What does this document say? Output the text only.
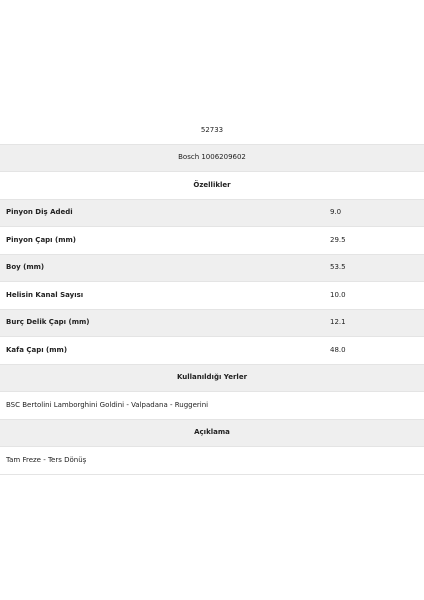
52733
Bosch 1006209602
Özellikler
Pinyon Diş Adedi	9.0
Pinyon Çapı (mm)	29.5
Boy (mm)	53.5
Helisin Kanal Sayısı	10.0
Burç Delik Çapı (mm)	12.1
Kafa Çapı (mm)	48.0
Kullanıldığı Yerler
BSC Bertolini Lamborghini Goldini - Valpadana - Ruggerini
Açıklama
Tam Freze - Ters Dönüş
